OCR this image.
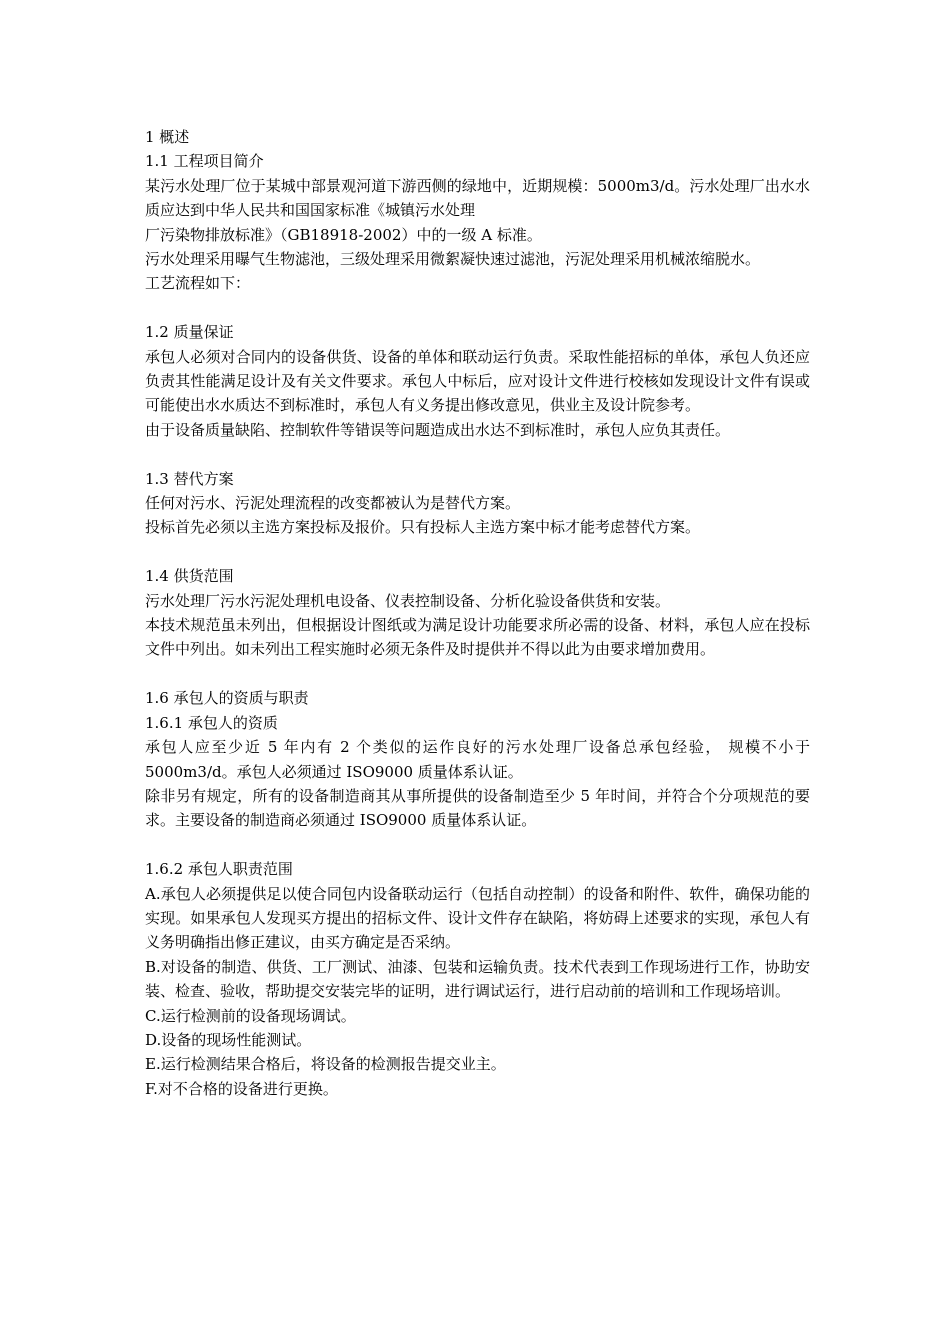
1 概述
1.1 工程项目简介
某污水处理厂位于某城中部景观河道下游西侧的绿地中，近期规模：5000m3/d。污水处理厂出水水质应达到中华人民共和国国家标准《城镇污水处理
厂污染物排放标准》（GB18918-2002）中的一级 A 标准。
污水处理采用曝气生物滤池，三级处理采用微絮凝快速过滤池，污泥处理采用机械浓缩脱水。
工艺流程如下：
1.2 质量保证
承包人必须对合同内的设备供货、设备的单体和联动运行负责。采取性能招标的单体，承包人负还应负责其性能满足设计及有关文件要求。承包人中标后，应对设计文件进行校核如发现设计文件有误或可能使出水水质达不到标准时，承包人有义务提出修改意见，供业主及设计院参考。
由于设备质量缺陷、控制软件等错误等问题造成出水达不到标准时，承包人应负其责任。
1.3 替代方案
任何对污水、污泥处理流程的改变都被认为是替代方案。
投标首先必须以主选方案投标及报价。只有投标人主选方案中标才能考虑替代方案。
1.4 供货范围
污水处理厂污水污泥处理机电设备、仪表控制设备、分析化验设备供货和安装。
本技术规范虽未列出，但根据设计图纸或为满足设计功能要求所必需的设备、材料，承包人应在投标文件中列出。如未列出工程实施时必须无条件及时提供并不得以此为由要求增加费用。
1.6 承包人的资质与职责
1.6.1 承包人的资质
承包人应至少近 5 年内有 2 个类似的运作良好的污水处理厂设备总承包经验， 规模不小于 5000m3/d。承包人必须通过 ISO9000 质量体系认证。
除非另有规定，所有的设备制造商其从事所提供的设备制造至少 5 年时间，并符合个分项规范的要求。主要设备的制造商必须通过 ISO9000 质量体系认证。
1.6.2 承包人职责范围
A.承包人必须提供足以使合同包内设备联动运行（包括自动控制）的设备和附件、软件，确保功能的实现。如果承包人发现买方提出的招标文件、设计文件存在缺陷，将妨碍上述要求的实现，承包人有义务明确指出修正建议，由买方确定是否采纳。
B.对设备的制造、供货、工厂测试、油漆、包装和运输负责。技术代表到工作现场进行工作，协助安装、检查、验收，帮助提交安装完毕的证明，进行调试运行，进行启动前的培训和工作现场培训。
C.运行检测前的设备现场调试。
D.设备的现场性能测试。
E.运行检测结果合格后，将设备的检测报告提交业主。
F.对不合格的设备进行更换。
